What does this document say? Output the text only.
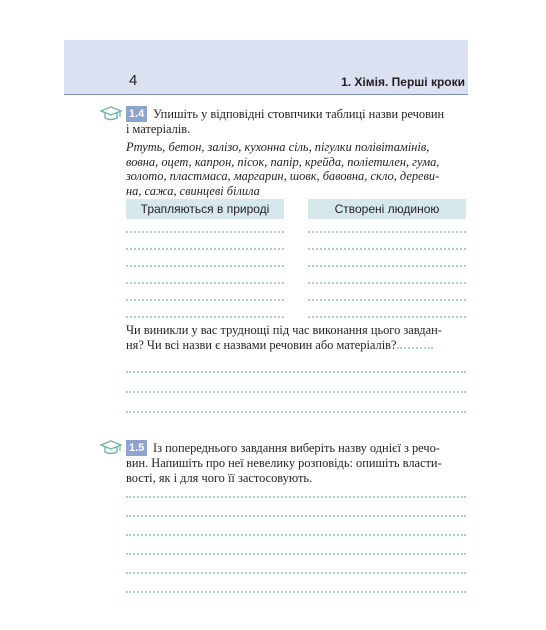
4	1. Хімія. Перші кроки
1.4 Упишіть у відповідні стовпчики таблиці назви речовин
і матеріалів.
Ртуть, бетон, залізо, кухонна сіль, пігулки полівітамінів,
вовна, оцет, капрон, пісок, папір, крейда, поліетилен, гума,
золото, пластмаса, маргарин, шовк, бавовна, скло, дереви-
на, сажа, свинцеві білила
Трапляються в природі	Створені людиною
Чи виникли у вас труднощі під час виконання цього завдан-
ня? Чи всі назви є назвами речовин або матеріалів?
1.5 Із попереднього завдання виберіть назву однієї з речо-
вин. Напишіть про неї невелику розповідь: опишіть власти-
вості, як і для чого її застосовують.
